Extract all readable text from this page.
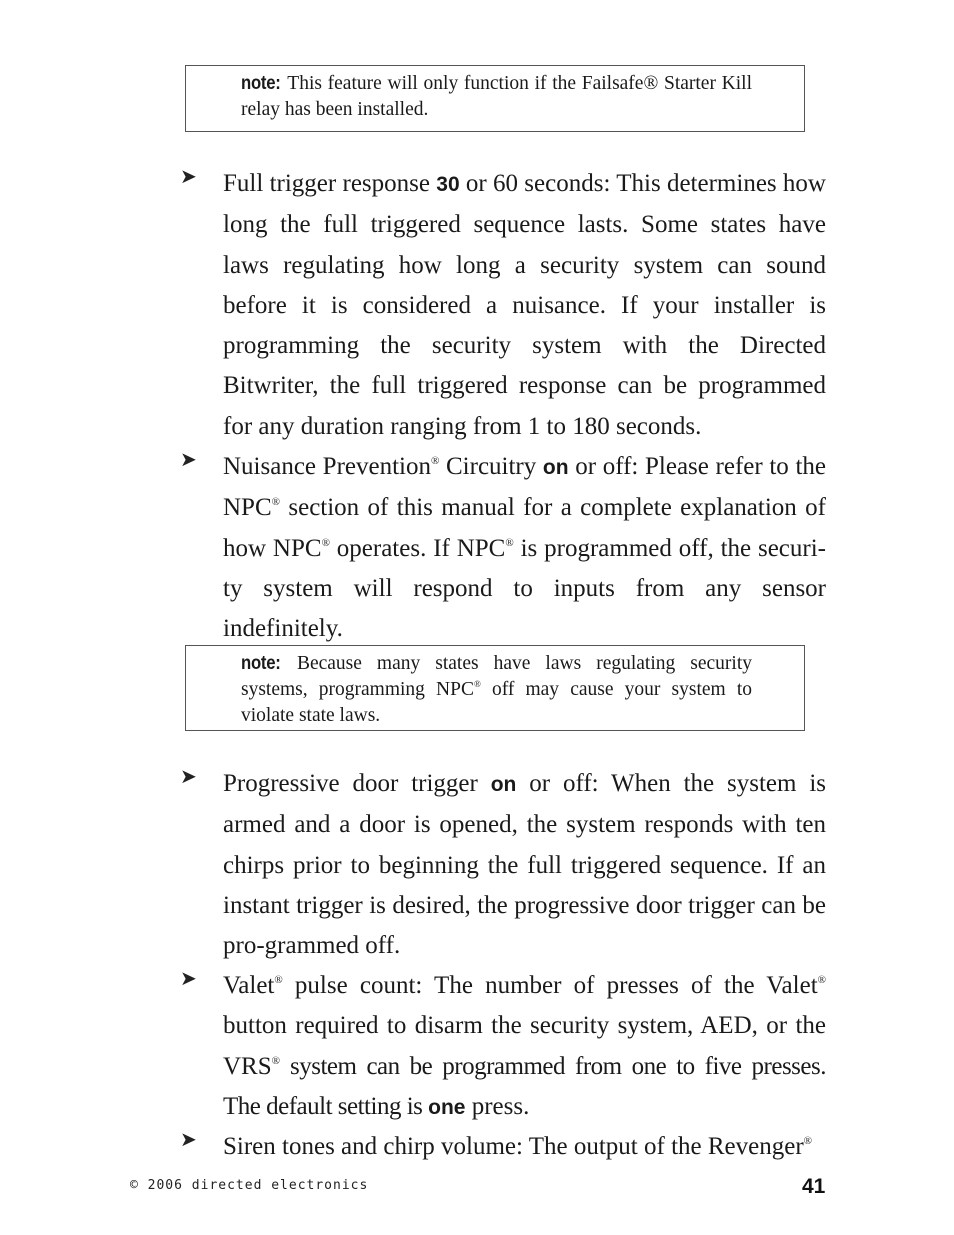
note: This feature will only function if the Failsafe® Starter Kill relay has been installed.
➤ Full trigger response 30 or 60 seconds: This determines how long the full triggered sequence lasts. Some states have laws regulating how long a security system can sound before it is considered a nuisance. If your installer is programming the security system with the Directed Bitwriter, the full triggered response can be programmed for any duration ranging from 1 to 180 seconds.
➤ Nuisance Prevention® Circuitry on or off: Please refer to the NPC® section of this manual for a complete explanation of how NPC® operates. If NPC® is programmed off, the securi-ty system will respond to inputs from any sensor indefinitely.
note: Because many states have laws regulating security systems, programming NPC® off may cause your system to violate state laws.
➤ Progressive door trigger on or off: When the system is armed and a door is opened, the system responds with ten chirps prior to beginning the full triggered sequence. If an instant trigger is desired, the progressive door trigger can be pro-grammed off.
➤ Valet® pulse count: The number of presses of the Valet® button required to disarm the security system, AED, or the VRS® system can be programmed from one to five presses. The default setting is one press.
➤ Siren tones and chirp volume: The output of the Revenger®
© 2006 directed electronics	41
